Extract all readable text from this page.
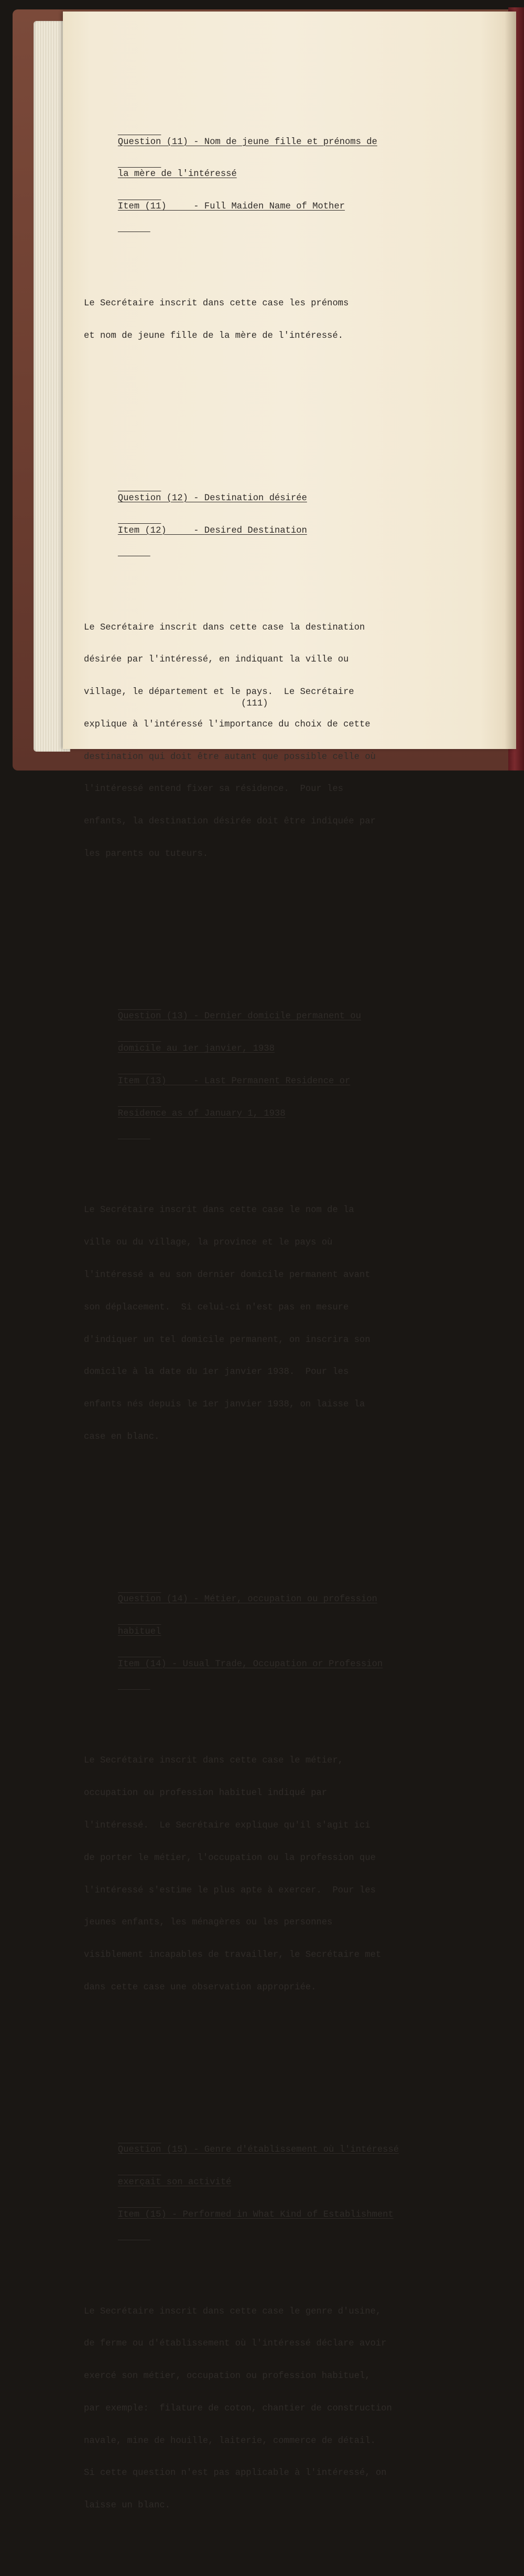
Question (11) - Nom de jeune fille et prénoms de

la mère de l'intéressé

Item (11)     - Full Maiden Name of Mother

Le Secrétaire inscrit dans cette case les prénoms

et nom de jeune fille de la mère de l'intéressé.

Question (12) - Destination désirée

Item (12)     - Desired Destination

Le Secrétaire inscrit dans cette case la destination

désirée par l'intéressé, en indiquant la ville ou

village, le département et le pays.  Le Secrétaire

explique à l'intéressé l'importance du choix de cette

destination qui doit être autant que possible celle où

l'intéressé entend fixer sa résidence.  Pour les

enfants, la destination désirée doit être indiquée par

les parents ou tuteurs.

Question (13) - Dernier domicile permanent ou

domicile au 1er janvier, 1938

Item (13)     - Last Permanent Residence or

Residence as of January 1, 1938

Le Secrétaire inscrit dans cette case le nom de la

ville ou du village, la province et le pays où

l'intéressé a eu son dernier domicile permanent avant

son déplacement.  Si celui-ci n'est pas en mesure

d'indiquer un tel domicile permanent, on inscrira son

domicile à la date du 1er janvier 1938.  Pour les

enfants nés depuis le 1er janvier 1938, on laisse la

case en blanc.

Question (14) - Métier, occupation ou profession

habituel

Item (14) - Usual Trade, Occupation or Profession

Le Secrétaire inscrit dans cette case le métier,

occupation ou profession habituel indiqué par

l'intéressé.  Le Secrétaire explique qu'il s'agit ici

de porter le métier, l'occupation ou la profession que

l'intéressé s'estime le plus apte à exercer.  Pour les

jeunes enfants, les ménagères ou les personnes

visiblement incapables de travailler, le Secrétaire met

dans cette case une observation appropriée.

Question (15) - Genre d'établissement où l'intéressé

exerçait son activité

Item (15) - Performed in What Kind of Establishment

Le Secrétaire inscrit dans cette case le genre d'usine,

de ferme ou d'établissement où l'intéressé déclare avoir

exercé son métier, occupation ou profession habituel,

par exemple:  filature de coton, chantier de construction

navale, mine de houille, laiterie, commerce de détail.

Si cette question n'est pas applicable à l'intéressé, on

laisse un blanc.

(111)
